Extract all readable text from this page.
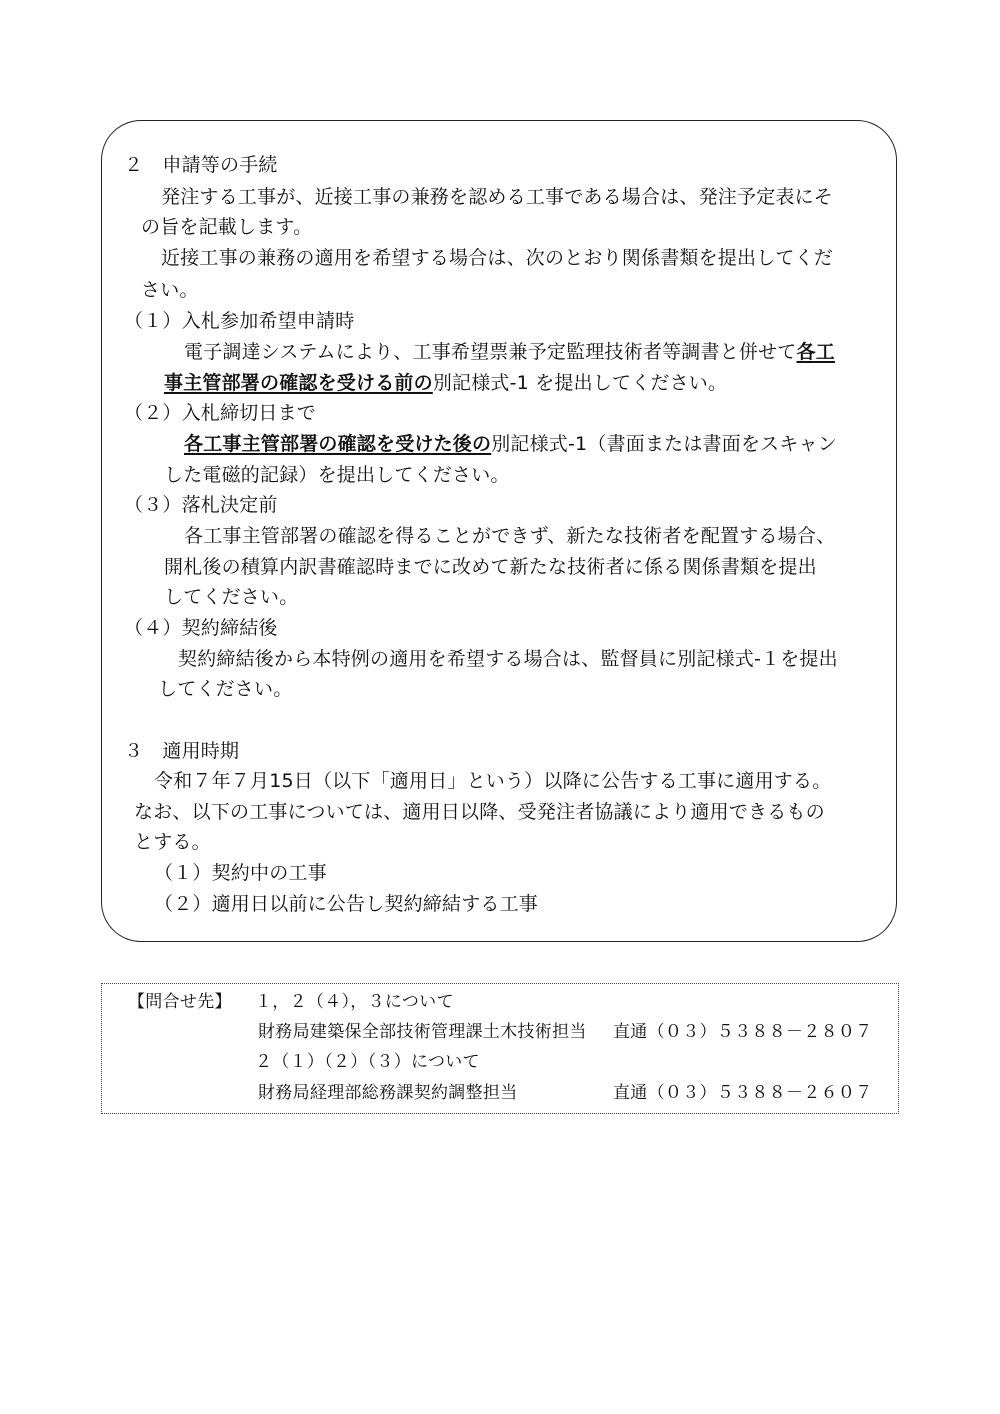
２　申請等の手続
発注する工事が、近接工事の兼務を認める工事である場合は、発注予定表にそ
の旨を記載します。
近接工事の兼務の適用を希望する場合は、次のとおり関係書類を提出してくだ
さい。
（１）入札参加希望申請時
電子調達システムにより、工事希望票兼予定監理技術者等調書と併せて各工
事主管部署の確認を受ける前の別記様式-1 を提出してください。
（２）入札締切日まで
各工事主管部署の確認を受けた後の別記様式-1（書面または書面をスキャン
した電磁的記録）を提出してください。
（３）落札決定前
各工事主管部署の確認を得ることができず、新たな技術者を配置する場合、
開札後の積算内訳書確認時までに改めて新たな技術者に係る関係書類を提出
してください。
（４）契約締結後
契約締結後から本特例の適用を希望する場合は、監督員に別記様式-１を提出
してください。
３　適用時期
令和７年７月15日（以下「適用日」という）以降に公告する工事に適用する。
なお、以下の工事については、適用日以降、受発注者協議により適用できるもの
とする。
（１）契約中の工事
（２）適用日以前に公告し契約締結する工事
【問合せ先】 １，２（４），３について
財務局建築保全部技術管理課土木技術担当 直通（０３）５３８８－２８０７
２（１）（２）（３）について
財務局経理部総務課契約調整担当	直通（０３）５３８８－２６０７
